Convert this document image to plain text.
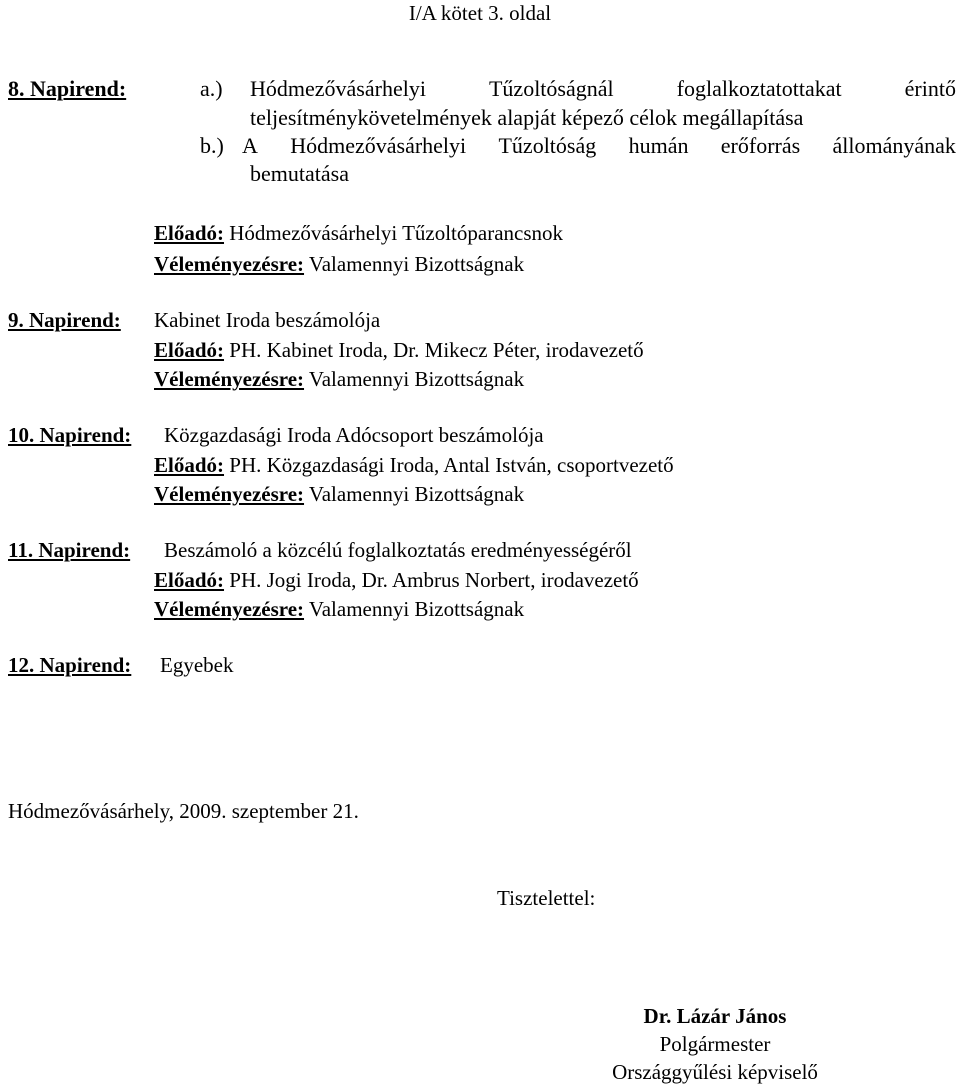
I/A kötet 3. oldal
8. Napirend:	a.) Hódmezővásárhelyi	Tűzoltóságnál	foglalkoztatottakat	érintő
teljesítménykövetelmények alapját képező célok megállapítása
b.) A Hódmezővásárhelyi Tűzoltóság humán erőforrás állományának
bemutatása
Előadó: Hódmezővásárhelyi Tűzoltóparancsnok
Véleményezésre: Valamennyi Bizottságnak
9. Napirend: Kabinet Iroda beszámolója
Előadó: PH. Kabinet Iroda, Dr. Mikecz Péter, irodavezető
Véleményezésre: Valamennyi Bizottságnak
10. Napirend: Közgazdasági Iroda Adócsoport beszámolója
Előadó: PH. Közgazdasági Iroda, Antal István, csoportvezető
Véleményezésre: Valamennyi Bizottságnak
11. Napirend: Beszámoló a közcélú foglalkoztatás eredményességéről
Előadó: PH. Jogi Iroda, Dr. Ambrus Norbert, irodavezető
Véleményezésre: Valamennyi Bizottságnak
12. Napirend: Egyebek
Hódmezővásárhely, 2009. szeptember 21.
Tisztelettel:
Dr. Lázár János
Polgármester
Országgyűlési képviselő
